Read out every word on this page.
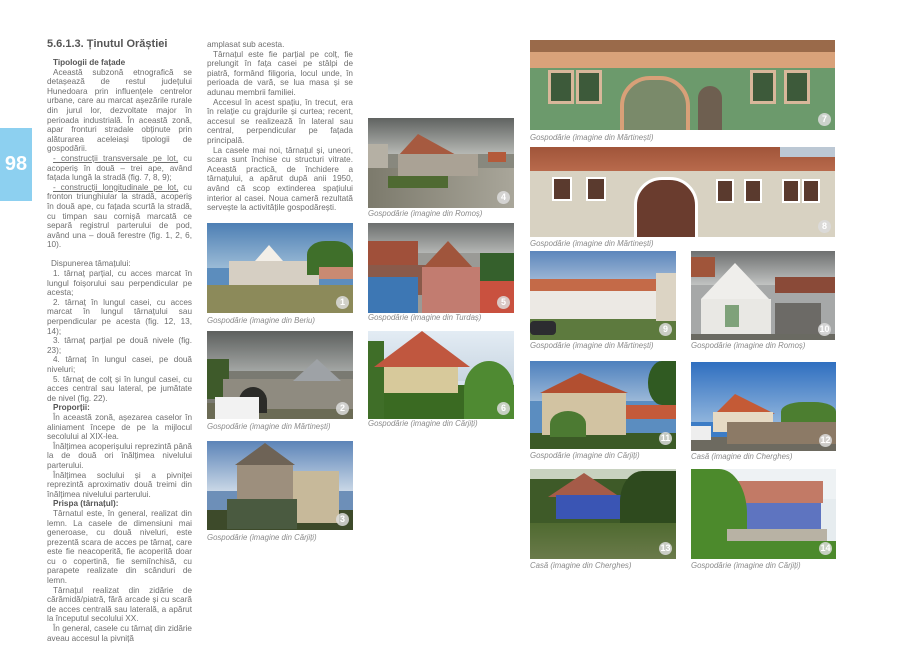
98
5.6.1.3. Ținutul Orăștiei

Tipologii de fațade

Această subzonă etnografică se detașează de restul județului Hunedoara prin influențele centrelor urbane, care au marcat așezările rurale din jurul lor, dezvoltate major în perioada industrială. În această zonă, apar fronturi stradale obținute prin alăturarea aceleiași tipologii de gospodării.

- construcții transversale pe lot, cu acoperiș în două – trei ape, având fațada lungă la stradă (fig. 7, 8, 9);

- construcții longitudinale pe lot, cu fronton triunghiular la stradă, acoperiș în două ape, cu fațada scurtă la stradă, cu timpan sau cornișă marcată ce separă registrul parterului de pod, având una – două ferestre (fig. 1, 2, 6, 10).

Dispunerea tâmațului:

1. târnaț parțial, cu acces marcat în lungul foișorului sau perpendicular pe acesta;

2. târnaț în lungul casei, cu acces marcat în lungul târnațului sau perpendicular pe acesta (fig. 12, 13, 14);

3. târnaț parțial pe două nivele (fig. 23);

4. târnaț în lungul casei, pe două niveluri;

5. târnaț de colț și în lungul casei, cu acces central sau lateral, pe jumătate de nivel (fig. 22).

Proporții:

În această zonă, așezarea caselor în aliniament începe de pe la mijlocul secolului al XIX-lea.

Înălțimea acoperișului reprezintă până la de două ori înălțimea nivelului parterului.

Înălțimea soclului și a pivniței reprezintă aproximativ două treimi din înălțimea nivelului parterului.

Prispa (târnațul):

Târnatul este, în general, realizat din lemn. La casele de dimensiuni mai generoase, cu două niveluri, este prezentă scara de acces pe târnaț, care este fie neacoperită, fie acoperită doar cu o copertină, fie semiînchisă, cu parapete realizate din scânduri de lemn.

Târnațul realizat din zidărie de cărămidă/piatră, fără arcade și cu scară de acces centrală sau laterală, a apărut la începutul secolului XX.

În general, casele cu târnaț din zidărie aveau accesul la pivniță

amplasat sub acesta.

Târnațul este fie parțial pe colț, fie prelungit în fața casei pe stâlpi de piatră, formând filigoria, locul unde, în perioada de vară, se lua masa și se adunau membrii familiei.

Accesul în acest spațiu, în trecut, era în relație cu grajdurile și curtea; recent, accesul se realizează în lateral sau central, perpendicular pe fațada principală.

La casele mai noi, târnațul și, uneori, scara sunt închise cu structuri vitrate. Această practică, de închidere a târnațului, a apărut după anii 1950, având că scop extinderea spațiului interior al casei. Noua cameră rezultată servește la activitățile gospodărești.

1
Gospodărie (imagine din Beriu)
2
Gospodărie (imagine din Mărtinești)
3
Gospodărie (imagine din Cărjiți)
4
Gospodărie (imagine din Romoș)
5
Gospodărie (imagine din Turdaș)
6
Gospodărie (imagine din Cărjiți)
7
Gospodărie (imagine din Mărtinești)
8
Gospodărie (imagine din Mărtinești)
9
Gospodărie (imagine din Mărtinești)
10
Gospodărie (imagine din Romoș)
11
Gospodărie (imagine din Cărjiți)
12
Casă (imagine din Cherghes)
13
Casă (imagine din Cherghes)
14
Gospodărie (imagine din Cărjiți)
